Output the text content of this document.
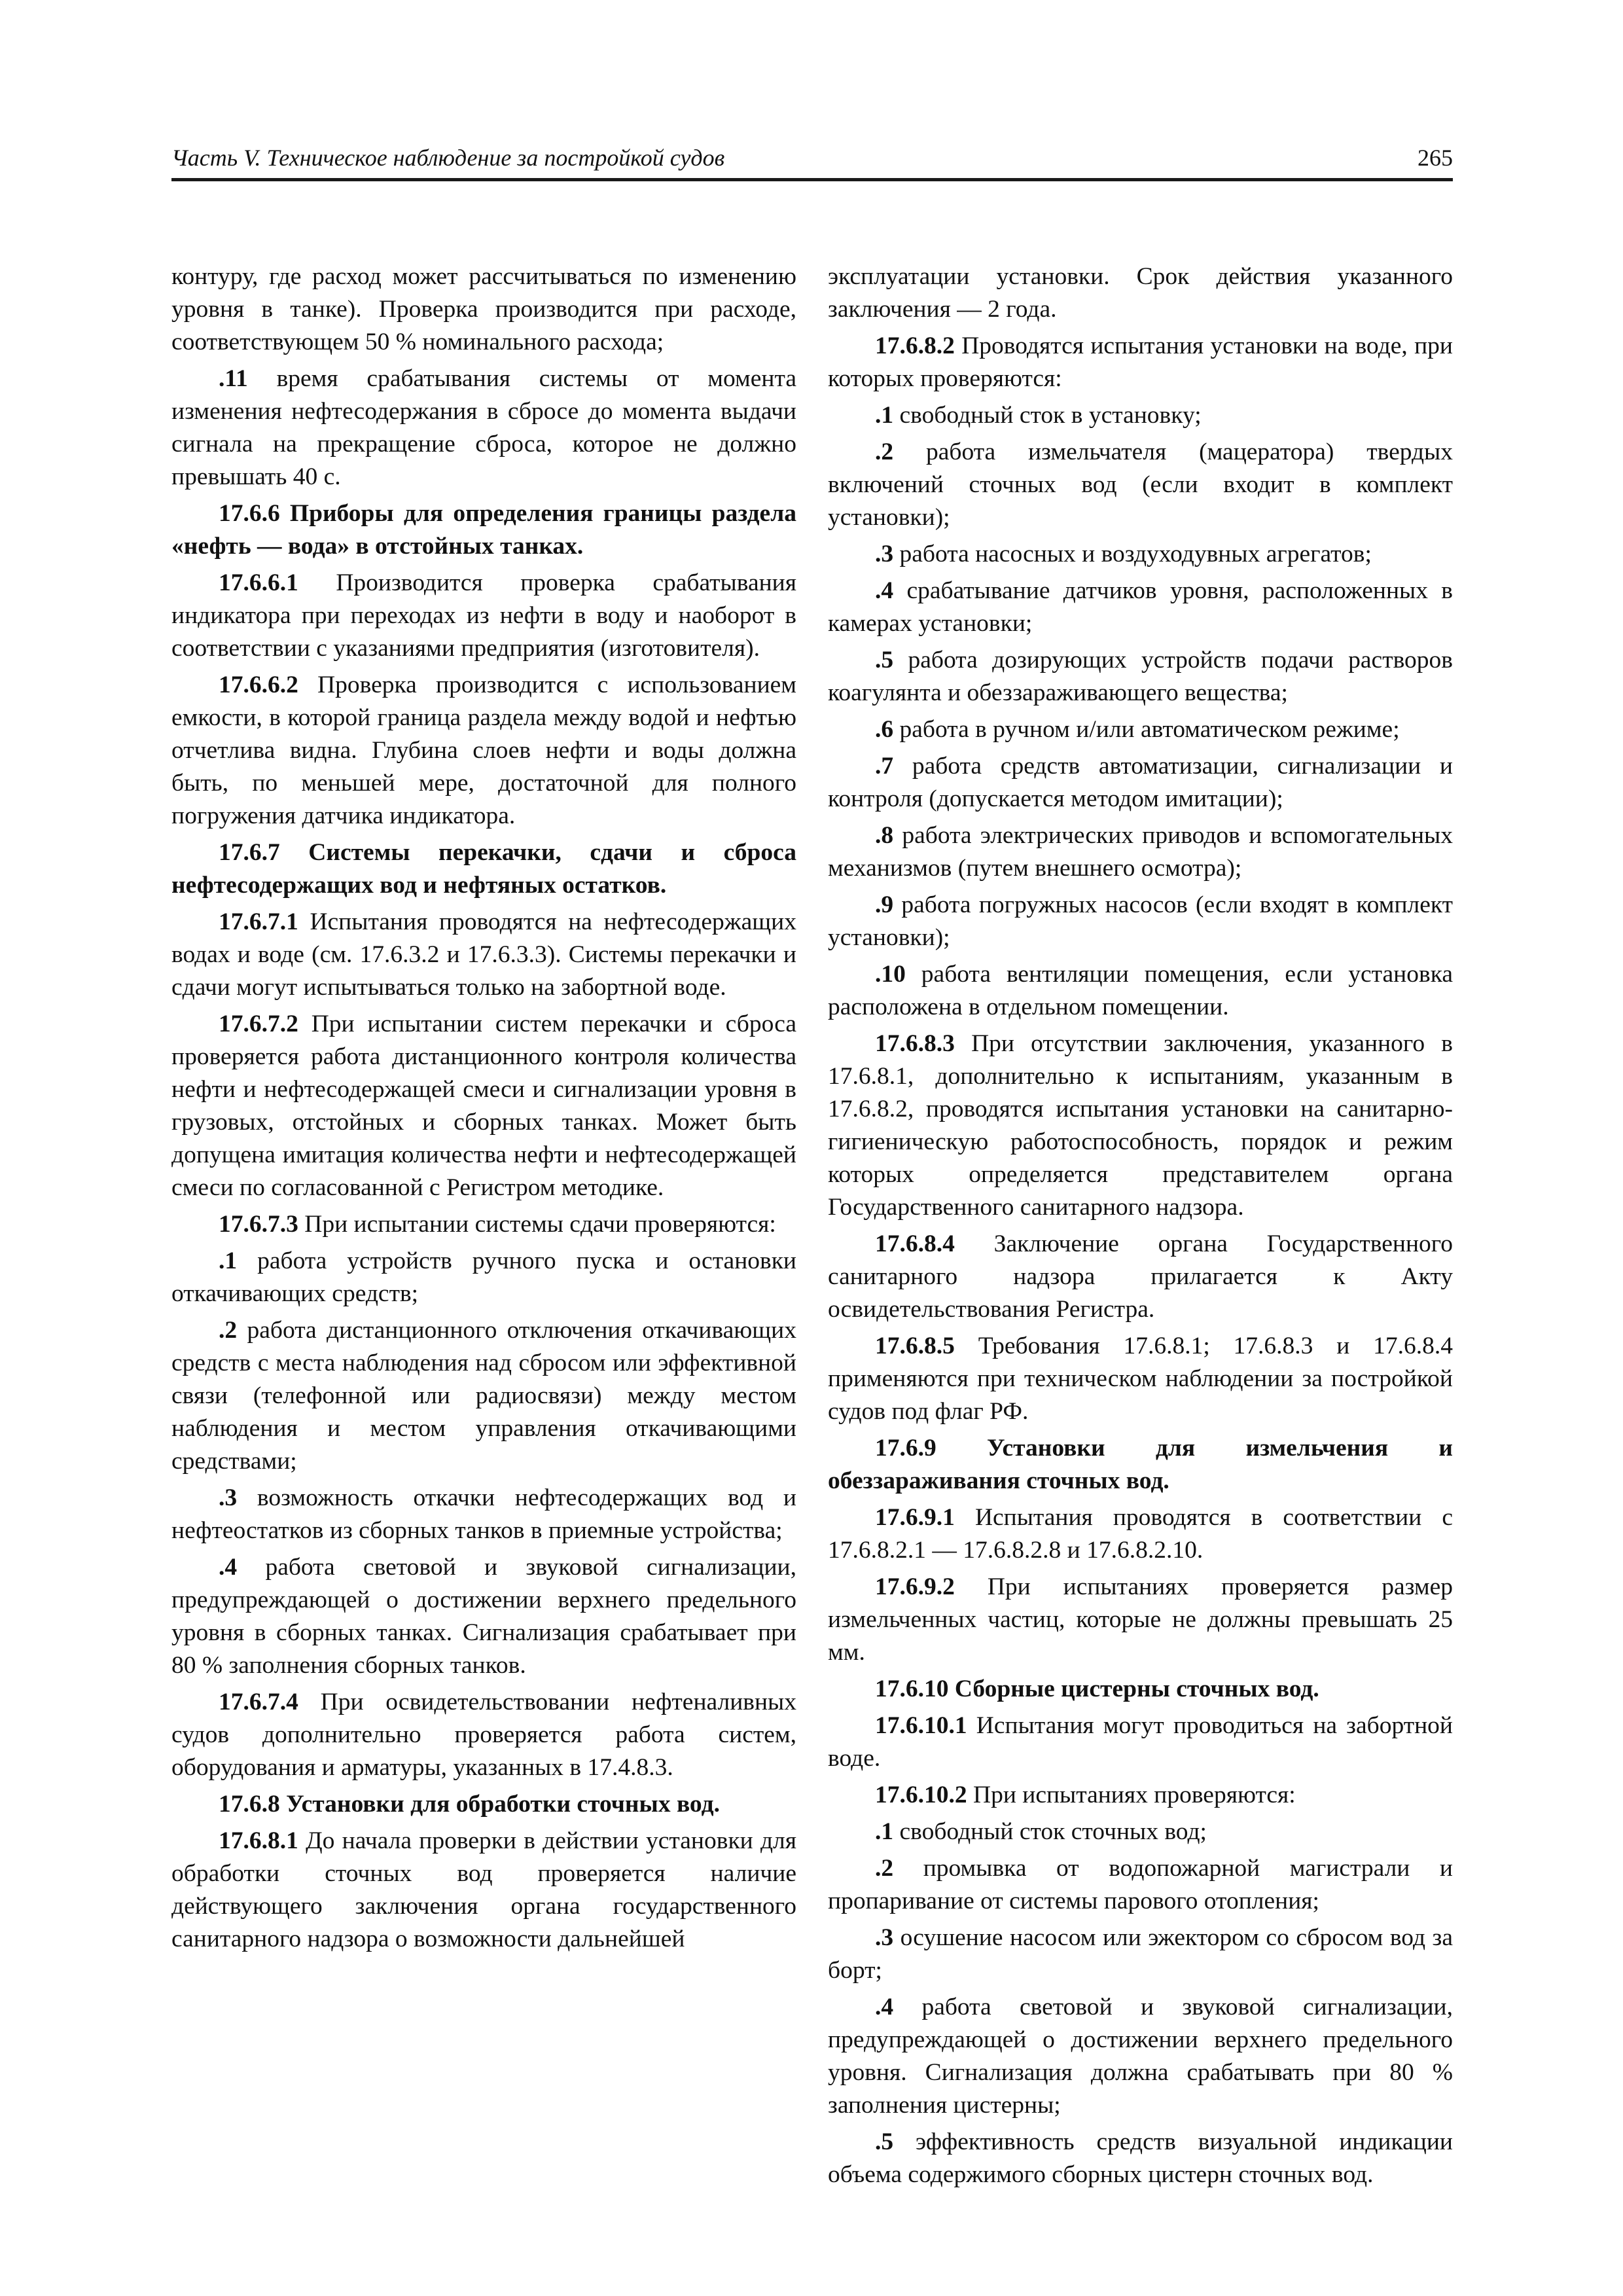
Часть V. Техническое наблюдение за постройкой судов	265

контуру, где расход может рассчитываться по изменению уровня в танке). Проверка производится при расходе, соответствующем 50 % номинального расхода;

.11 время срабатывания системы от момента изменения нефтесодержания в сбросе до момента выдачи сигнала на прекращение сброса, которое не должно превышать 40 с.

17.6.6 Приборы для определения границы раздела «нефть — вода» в отстойных танках.

17.6.6.1 Производится проверка срабатывания индикатора при переходах из нефти в воду и наоборот в соответствии с указаниями предприятия (изготовителя).

17.6.6.2 Проверка производится с использованием емкости, в которой граница раздела между водой и нефтью отчетлива видна. Глубина слоев нефти и воды должна быть, по меньшей мере, достаточной для полного погружения датчика индикатора.

17.6.7 Системы перекачки, сдачи и сброса нефтесодержащих вод и нефтяных остатков.

17.6.7.1 Испытания проводятся на нефтесодержащих водах и воде (см. 17.6.3.2 и 17.6.3.3). Системы перекачки и сдачи могут испытываться только на забортной воде.

17.6.7.2 При испытании систем перекачки и сброса проверяется работа дистанционного контроля количества нефти и нефтесодержащей смеси и сигнализации уровня в грузовых, отстойных и сборных танках. Может быть допущена имитация количества нефти и нефтесодержащей смеси по согласованной с Регистром методике.

17.6.7.3 При испытании системы сдачи проверяются:

.1 работа устройств ручного пуска и остановки откачивающих средств;

.2 работа дистанционного отключения откачивающих средств с места наблюдения над сбросом или эффективной связи (телефонной или радиосвязи) между местом наблюдения и местом управления откачивающими средствами;

.3 возможность откачки нефтесодержащих вод и нефтеостатков из сборных танков в приемные устройства;

.4 работа световой и звуковой сигнализации, предупреждающей о достижении верхнего предельного уровня в сборных танках. Сигнализация срабатывает при 80 % заполнения сборных танков.

17.6.7.4 При освидетельствовании нефтеналивных судов дополнительно проверяется работа систем, оборудования и арматуры, указанных в 17.4.8.3.

17.6.8 Установки для обработки сточных вод.

17.6.8.1 До начала проверки в действии установки для обработки сточных вод проверяется наличие действующего заключения органа государственного санитарного надзора о возможности дальнейшей

эксплуатации установки. Срок действия указанного заключения — 2 года.

17.6.8.2 Проводятся испытания установки на воде, при которых проверяются:

.1 свободный сток в установку;

.2 работа измельчателя (мацератора) твердых включений сточных вод (если входит в комплект установки);

.3 работа насосных и воздуходувных агрегатов;

.4 срабатывание датчиков уровня, расположенных в камерах установки;

.5 работа дозирующих устройств подачи растворов коагулянта и обеззараживающего вещества;

.6 работа в ручном и/или автоматическом режиме;

.7 работа средств автоматизации, сигнализации и контроля (допускается методом имитации);

.8 работа электрических приводов и вспомогательных механизмов (путем внешнего осмотра);

.9 работа погружных насосов (если входят в комплект установки);

.10 работа вентиляции помещения, если установка расположена в отдельном помещении.

17.6.8.3 При отсутствии заключения, указанного в 17.6.8.1, дополнительно к испытаниям, указанным в 17.6.8.2, проводятся испытания установки на санитарно-гигиеническую работоспособность, порядок и режим которых определяется представителем органа Государственного санитарного надзора.

17.6.8.4 Заключение органа Государственного санитарного надзора прилагается к Акту освидетельствования Регистра.

17.6.8.5 Требования 17.6.8.1; 17.6.8.3 и 17.6.8.4 применяются при техническом наблюдении за постройкой судов под флаг РФ.

17.6.9 Установки для измельчения и обеззараживания сточных вод.

17.6.9.1 Испытания проводятся в соответствии с 17.6.8.2.1 — 17.6.8.2.8 и 17.6.8.2.10.

17.6.9.2 При испытаниях проверяется размер измельченных частиц, которые не должны превышать 25 мм.

17.6.10 Сборные цистерны сточных вод.

17.6.10.1 Испытания могут проводиться на забортной воде.

17.6.10.2 При испытаниях проверяются:

.1 свободный сток сточных вод;

.2 промывка от водопожарной магистрали и пропаривание от системы парового отопления;

.3 осушение насосом или эжектором со сбросом вод за борт;

.4 работа световой и звуковой сигнализации, предупреждающей о достижении верхнего предельного уровня. Сигнализация должна срабатывать при 80 % заполнения цистерны;

.5 эффективность средств визуальной индикации объема содержимого сборных цистерн сточных вод.
